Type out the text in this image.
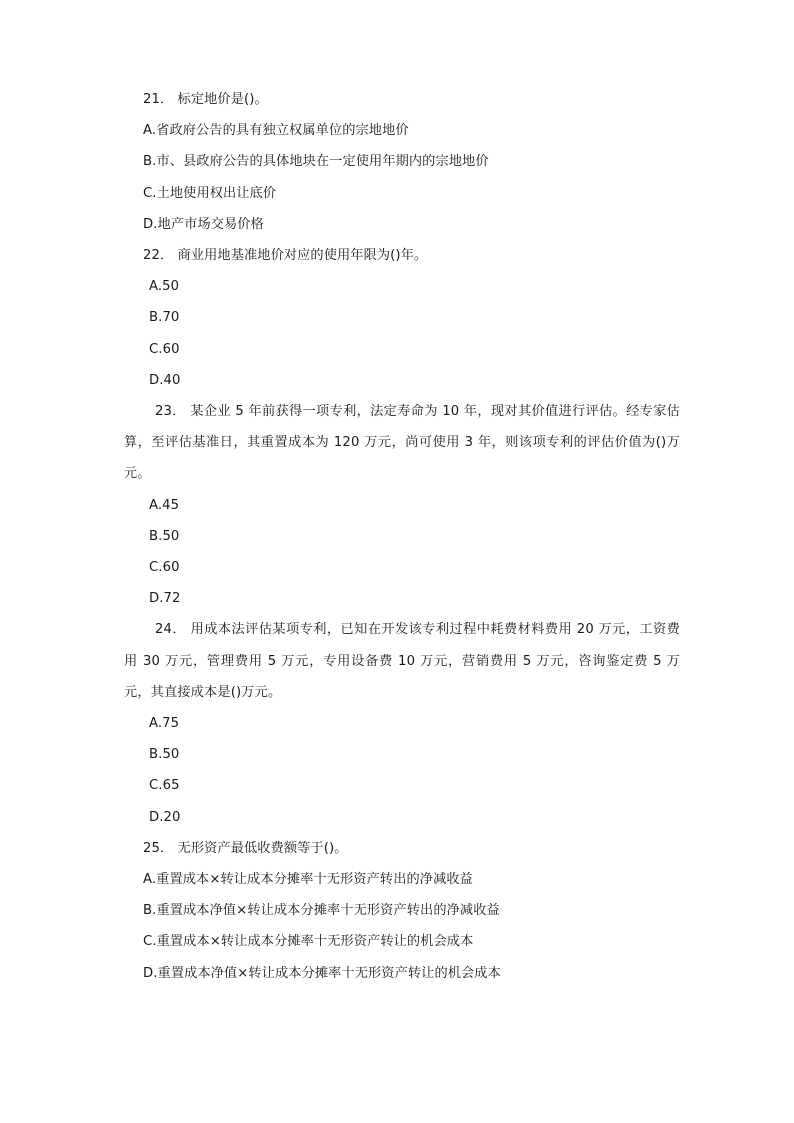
21． 标定地价是()。

A.省政府公告的具有独立权属单位的宗地地价

B.市、县政府公告的具体地块在一定使用年期内的宗地地价

C.土地使用权出让底价

D.地产市场交易价格

22． 商业用地基准地价对应的使用年限为()年。

A.50

B.70

C.60

D.40

23． 某企业 5 年前获得一项专利，法定寿命为 10 年，现对其价值进行评估。经专家估算，至评估基准日，其重置成本为 120 万元，尚可使用 3 年，则该项专利的评估价值为()万元。

A.45

B.50

C.60

D.72

24． 用成本法评估某项专利，已知在开发该专利过程中耗费材料费用 20 万元，工资费用 30 万元，管理费用 5 万元，专用设备费 10 万元，营销费用 5 万元，咨询鉴定费 5 万元，其直接成本是()万元。

A.75

B.50

C.65

D.20

25． 无形资产最低收费额等于()。

A.重置成本×转让成本分摊率十无形资产转出的净减收益

B.重置成本净值×转让成本分摊率十无形资产转出的净减收益

C.重置成本×转让成本分摊率十无形资产转让的机会成本

D.重置成本净值×转让成本分摊率十无形资产转让的机会成本
